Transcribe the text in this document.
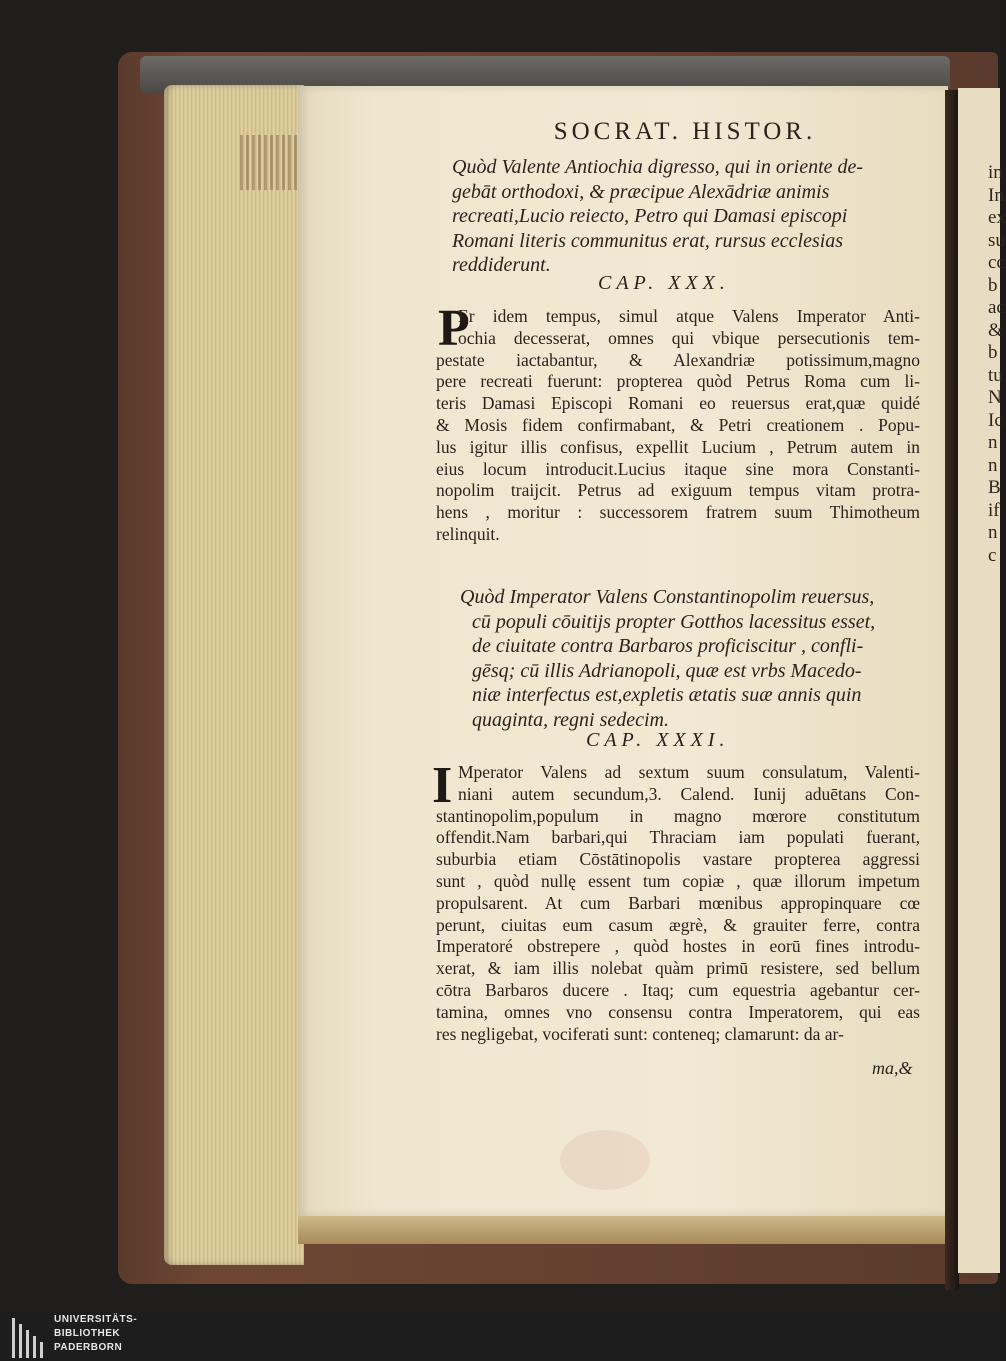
in
In
ex
su
cc
b
ac
&
b
tu
N
Ic
n
n
B
if
n
c
SOCRAT. HISTOR.
Quòd Valente Antiochia digresso, qui in oriente de-
gebāt orthodoxi, & præcipue Alexādriæ animis
recreati,Lucio reiecto, Petro qui Damasi episcopi
Romani literis communitus erat, rursus ecclesias
reddiderunt.
CAP. XXX.
P
Er idem tempus, simul atque Valens Imperator Anti-
ochia decesserat, omnes qui vbique persecutionis tem-
pestate iactabantur, & Alexandriæ potissimum,magno
pere recreati fuerunt: propterea quòd Petrus Roma cum li-
teris Damasi Episcopi Romani eo reuersus erat,quæ quidé
& Mosis fidem confirmabant, & Petri creationem . Popu-
lus igitur illis confisus, expellit Lucium , Petrum autem in
eius locum introducit.Lucius itaque sine mora Constanti-
nopolim traijcit. Petrus ad exiguum tempus vitam protra-
hens , moritur : successorem fratrem suum Thimotheum
relinquit.
Quòd Imperator Valens Constantinopolim reuersus,
cū populi cōuitijs propter Gotthos lacessitus esset,
de ciuitate contra Barbaros proficiscitur , confli-
gēsq; cū illis Adrianopoli, quæ est vrbs Macedo-
niæ interfectus est,expletis ætatis suæ annis quin
quaginta, regni sedecim.
CAP. XXXI.
I Mperator Valens ad sextum suum consulatum, Valenti-
niani autem secundum,3. Calend. Iunij aduētans Con-
stantinopolim,populum in magno mœrore constitutum
offendit.Nam barbari,qui Thraciam iam populati fuerant,
suburbia etiam Cōstātinopolis vastare propterea aggressi
sunt , quòd nullę essent tum copiæ , quæ illorum impetum
propulsarent. At cum Barbari mœnibus appropinquare cœ
perunt, ciuitas eum casum ægrè, & grauiter ferre, contra
Imperatoré obstrepere , quòd hostes in eorū fines introdu-
xerat, & iam illis nolebat quàm primū resistere, sed bellum
cōtra Barbaros ducere . Itaq; cum equestria agebantur cer-
tamina, omnes vno consensu contra Imperatorem, qui eas
res negligebat, vociferati sunt: conteneq; clamarunt: da ar-
ma,&
UNIVERSITÄTS-
BIBLIOTHEK
PADERBORN
